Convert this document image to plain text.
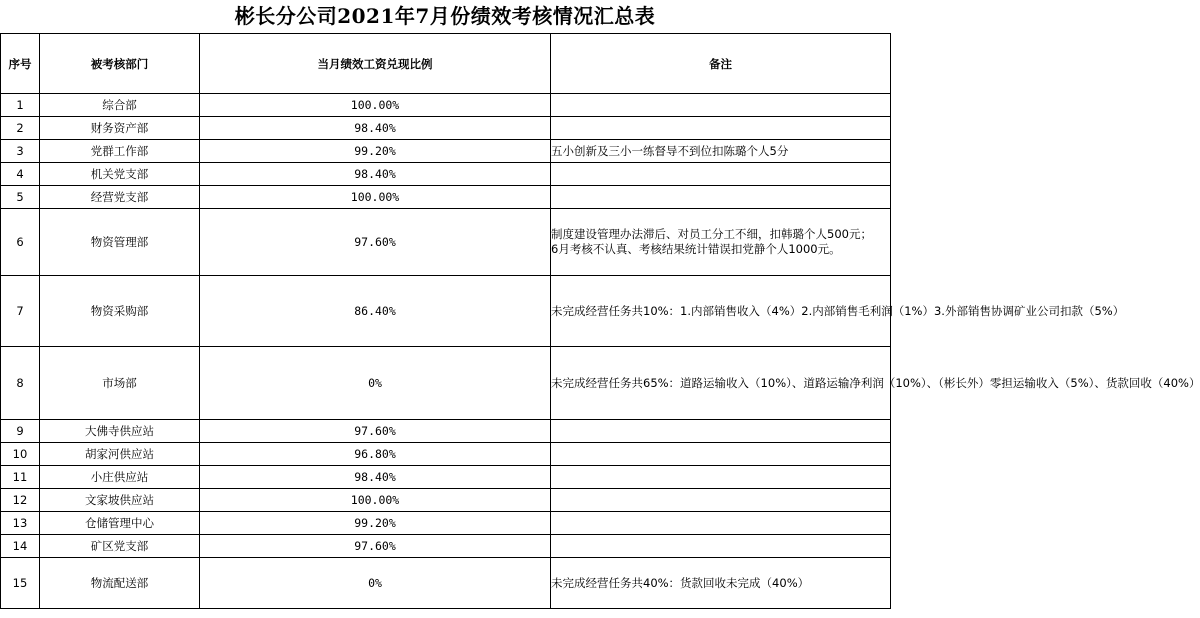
彬长分公司2021年7月份绩效考核情况汇总表
序号	被考核部门	当月绩效工资兑现比例	备注
1	综合部	100.00%	
2	财务资产部	98.40%	
3	党群工作部	99.20%	五小创新及三小一练督导不到位扣陈璐个人5分
4	机关党支部	98.40%	
5	经营党支部	100.00%	
6	物资管理部	97.60%	制度建设管理办法滞后、对员工分工不细，扣韩璐个人500元；
6月考核不认真、考核结果统计错误扣党静个人1000元。
7	物资采购部	86.40%	未完成经营任务共10%：1.内部销售收入（4%）2.内部销售毛利润（1%）3.外部销售协调矿业公司扣款（5%）
8	市场部	0%	未完成经营任务共65%：道路运输收入（10%）、道路运输净利润（10%）、（彬长外）零担运输收入（5%）、货款回收（40%）
9	大佛寺供应站	97.60%	
10	胡家河供应站	96.80%	
11	小庄供应站	98.40%	
12	文家坡供应站	100.00%	
13	仓储管理中心	99.20%	
14	矿区党支部	97.60%	
15	物流配送部	0%	未完成经营任务共40%：货款回收未完成（40%）
